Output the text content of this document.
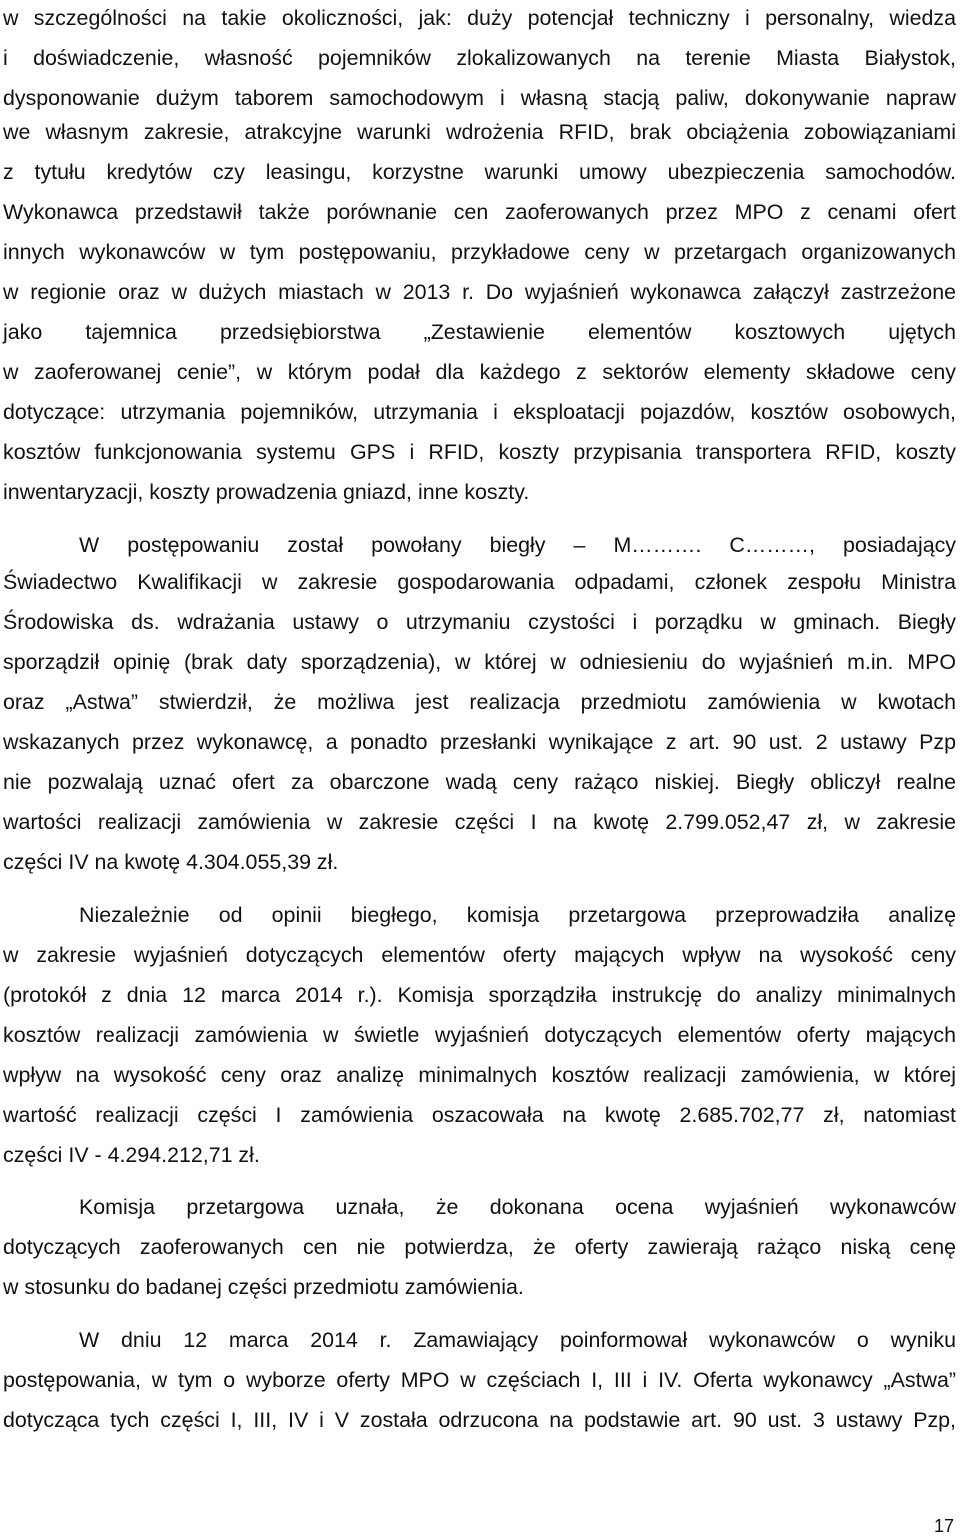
w szczególności na takie okoliczności, jak: duży potencjał techniczny i personalny, wiedza

i doświadczenie, własność pojemników zlokalizowanych na terenie Miasta Białystok,

dysponowanie dużym taborem samochodowym i własną stacją paliw, dokonywanie napraw

we własnym zakresie, atrakcyjne warunki wdrożenia RFID, brak obciążenia zobowiązaniami

z tytułu kredytów czy leasingu, korzystne warunki umowy ubezpieczenia samochodów.

Wykonawca przedstawił także porównanie cen zaoferowanych przez MPO z cenami ofert

innych wykonawców w tym postępowaniu, przykładowe ceny w przetargach organizowanych

w regionie oraz w dużych miastach w 2013 r. Do wyjaśnień wykonawca załączył zastrzeżone

jako tajemnica przedsiębiorstwa „Zestawienie elementów kosztowych ujętych

w zaoferowanej cenie”, w którym podał dla każdego z sektorów elementy składowe ceny

dotyczące: utrzymania pojemników, utrzymania i eksploatacji pojazdów, kosztów osobowych,

kosztów funkcjonowania systemu GPS i RFID, koszty przypisania transportera RFID, koszty

inwentaryzacji, koszty prowadzenia gniazd, inne koszty.

W postępowaniu został powołany biegły – M………. C………, posiadający

Świadectwo Kwalifikacji w zakresie gospodarowania odpadami, członek zespołu Ministra

Środowiska ds. wdrażania ustawy o utrzymaniu czystości i porządku w gminach. Biegły

sporządził opinię (brak daty sporządzenia), w której w odniesieniu do wyjaśnień m.in. MPO

oraz „Astwa” stwierdził, że możliwa jest realizacja przedmiotu zamówienia w kwotach

wskazanych przez wykonawcę, a ponadto przesłanki wynikające z art. 90 ust. 2 ustawy Pzp

nie pozwalają uznać ofert za obarczone wadą ceny rażąco niskiej. Biegły obliczył realne

wartości realizacji zamówienia w zakresie części I na kwotę 2.799.052,47 zł, w zakresie

części IV na kwotę 4.304.055,39 zł.

Niezależnie od opinii biegłego, komisja przetargowa przeprowadziła analizę

w zakresie wyjaśnień dotyczących elementów oferty mających wpływ na wysokość ceny

(protokół z dnia 12 marca 2014 r.). Komisja sporządziła instrukcję do analizy minimalnych

kosztów realizacji zamówienia w świetle wyjaśnień dotyczących elementów oferty mających

wpływ na wysokość ceny oraz analizę minimalnych kosztów realizacji zamówienia, w której

wartość realizacji części I zamówienia oszacowała na kwotę 2.685.702,77 zł, natomiast

części IV - 4.294.212,71 zł.

Komisja przetargowa uznała, że dokonana ocena wyjaśnień wykonawców

dotyczących zaoferowanych cen nie potwierdza, że oferty zawierają rażąco niską cenę

w stosunku do badanej części przedmiotu zamówienia.

W dniu 12 marca 2014 r. Zamawiający poinformował wykonawców o wyniku

postępowania, w tym o wyborze oferty MPO w częściach I, III i IV. Oferta wykonawcy „Astwa”

dotycząca tych części I, III, IV i V została odrzucona na podstawie art. 90 ust. 3 ustawy Pzp,

17
